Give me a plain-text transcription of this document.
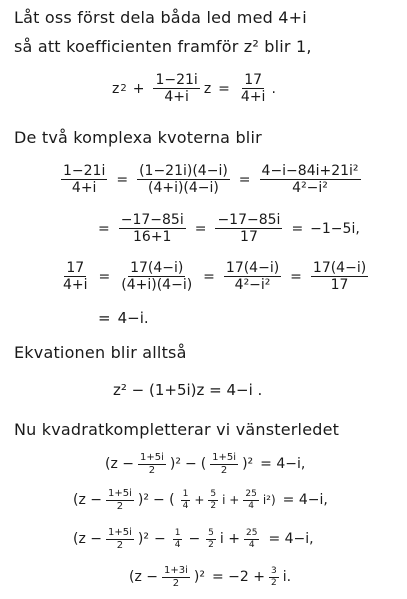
Låt oss först dela båda led med 4+i
så att koefficienten framför z² blir 1,
z $2 + \frac{1-21i}{4+i}$ $z = \frac{17}{4+i}$ .
De två komplexa kvoterna blir
$\frac{1-21i}{4+i} = \frac{(1-21i)(4-i)}{(4+i)(4-i)} = \frac{\text{4−i−84i+21i²}}{\text{4²−i²}}$
= $\frac{-17-85i}{16+1} = \frac{-17-85i}{17} = -1-5i$,
$\frac{17}{4+i} = \frac{17(4-i)}{(4+i)(4-i)} = \frac{17(4-i)}{\text{4²−i²}} = \frac{17(4-i)}{17}$
= 4−i.
Ekvationen blir alltså
z² − (1+5i)z = 4−i .
Nu kvadratkompletterar vi vänsterledet
$(z - \frac{1+5i}{2} )^2$ − ( $\frac{1+5i}{2} )^2 = 4-i$,
$(z - \frac{1+5i}{2} )^2$ − ( $\frac{1}{4} + \frac{5}{2}$ $i + \frac{25}{4} i^2) = 4-i$,
$(z - \frac{1+5i}{2} )^2 - \frac{1}{4} - \frac{5}{2}$ $i + \frac{25}{4} = 4-i$,
$(z - \frac{1+3i}{2} )^2 = -2 + \frac{3}{2} i$.
